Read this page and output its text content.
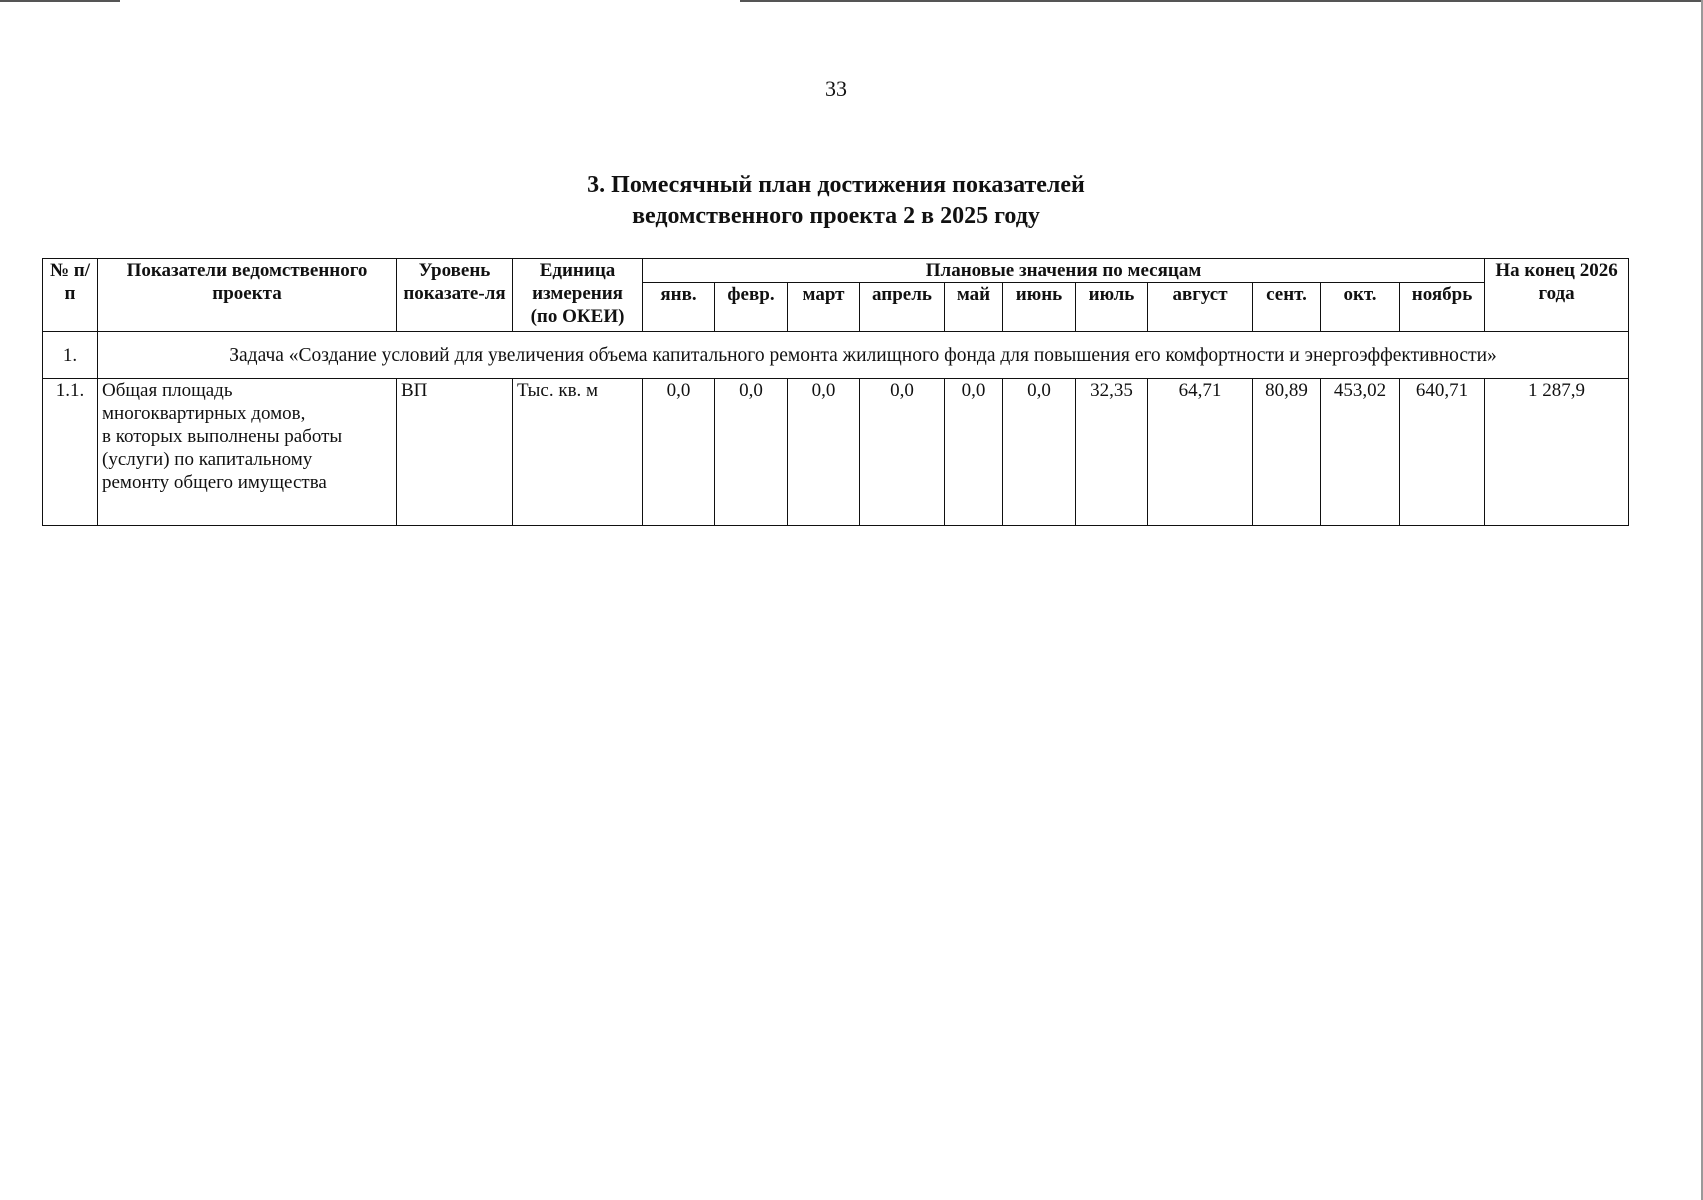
33
3. Помесячный план достижения показателей
ведомственного проекта 2 в 2025 году
№ п/п	Показатели ведомственного проекта	Уровень показате-ля	Единица измерения (по ОКЕИ)	Плановые значения по месяцам											На конец 2026 года
				янв.	февр.	март	апрель	май	июнь	июль	август	сент.	окт.	ноябрь	
1.	Задача «Создание условий для увеличения объема капитального ремонта жилищного фонда для повышения его комфортности и энергоэффективности»														
1.1.	Общая площадь
многоквартирных домов,
в которых выполнены работы
(услуги) по капитальному
ремонту общего имущества	ВП	Тыс. кв. м	0,0	0,0	0,0	0,0	0,0	0,0	32,35	64,71	80,89	453,02	640,71	1 287,9
